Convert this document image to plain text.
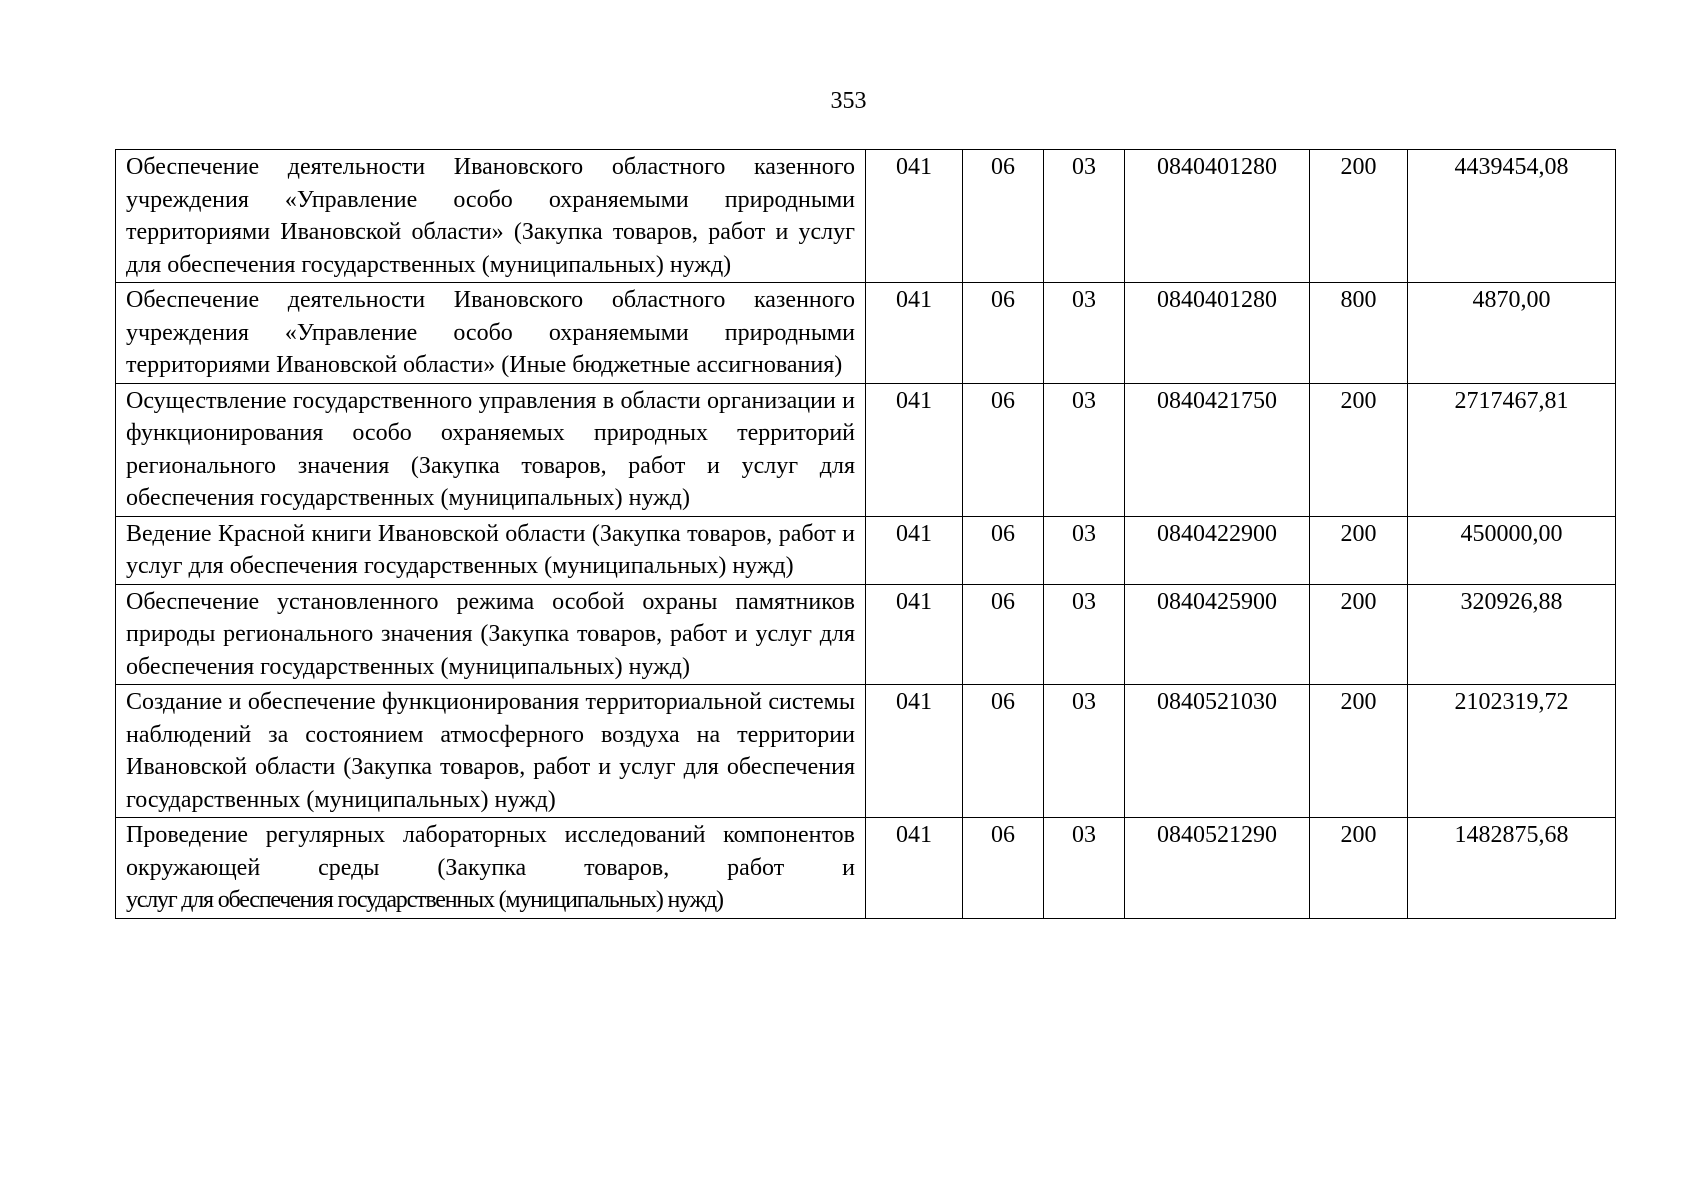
353
Обеспечение деятельности Ивановского областного казенного учреждения «Управление особо охраняемыми природными территориями Ивановской области» (Закупка товаров, работ и услуг для обеспечения государственных (муниципальных) нужд)	041	06	03	0840401280	200	4439454,08
Обеспечение деятельности Ивановского областного казенного учреждения «Управление особо охраняемыми природными территориями Ивановской области» (Иные бюджетные ассигнования)	041	06	03	0840401280	800	4870,00
Осуществление государственного управления в области организации и функционирования особо охраняемых природных территорий регионального значения (Закупка товаров, работ и услуг для обеспечения государственных (муниципальных) нужд)	041	06	03	0840421750	200	2717467,81
Ведение Красной книги Ивановской области (Закупка товаров, работ и услуг для обеспечения государственных (муниципальных) нужд)	041	06	03	0840422900	200	450000,00
Обеспечение установленного режима особой охраны памятников природы регионального значения (Закупка товаров, работ и услуг для обеспечения государственных (муниципальных) нужд)	041	06	03	0840425900	200	320926,88
Создание и обеспечение функционирования территориальной системы наблюдений за состоянием атмосферного воздуха на территории Ивановской области (Закупка товаров, работ и услуг для обеспечения государственных (муниципальных) нужд)	041	06	03	0840521030	200	2102319,72
Проведение регулярных лабораторных исследований компонентов окружающей среды (Закупка товаров, работ и услуг для обеспечения государственных (муниципальных) нужд)	041	06	03	0840521290	200	1482875,68
